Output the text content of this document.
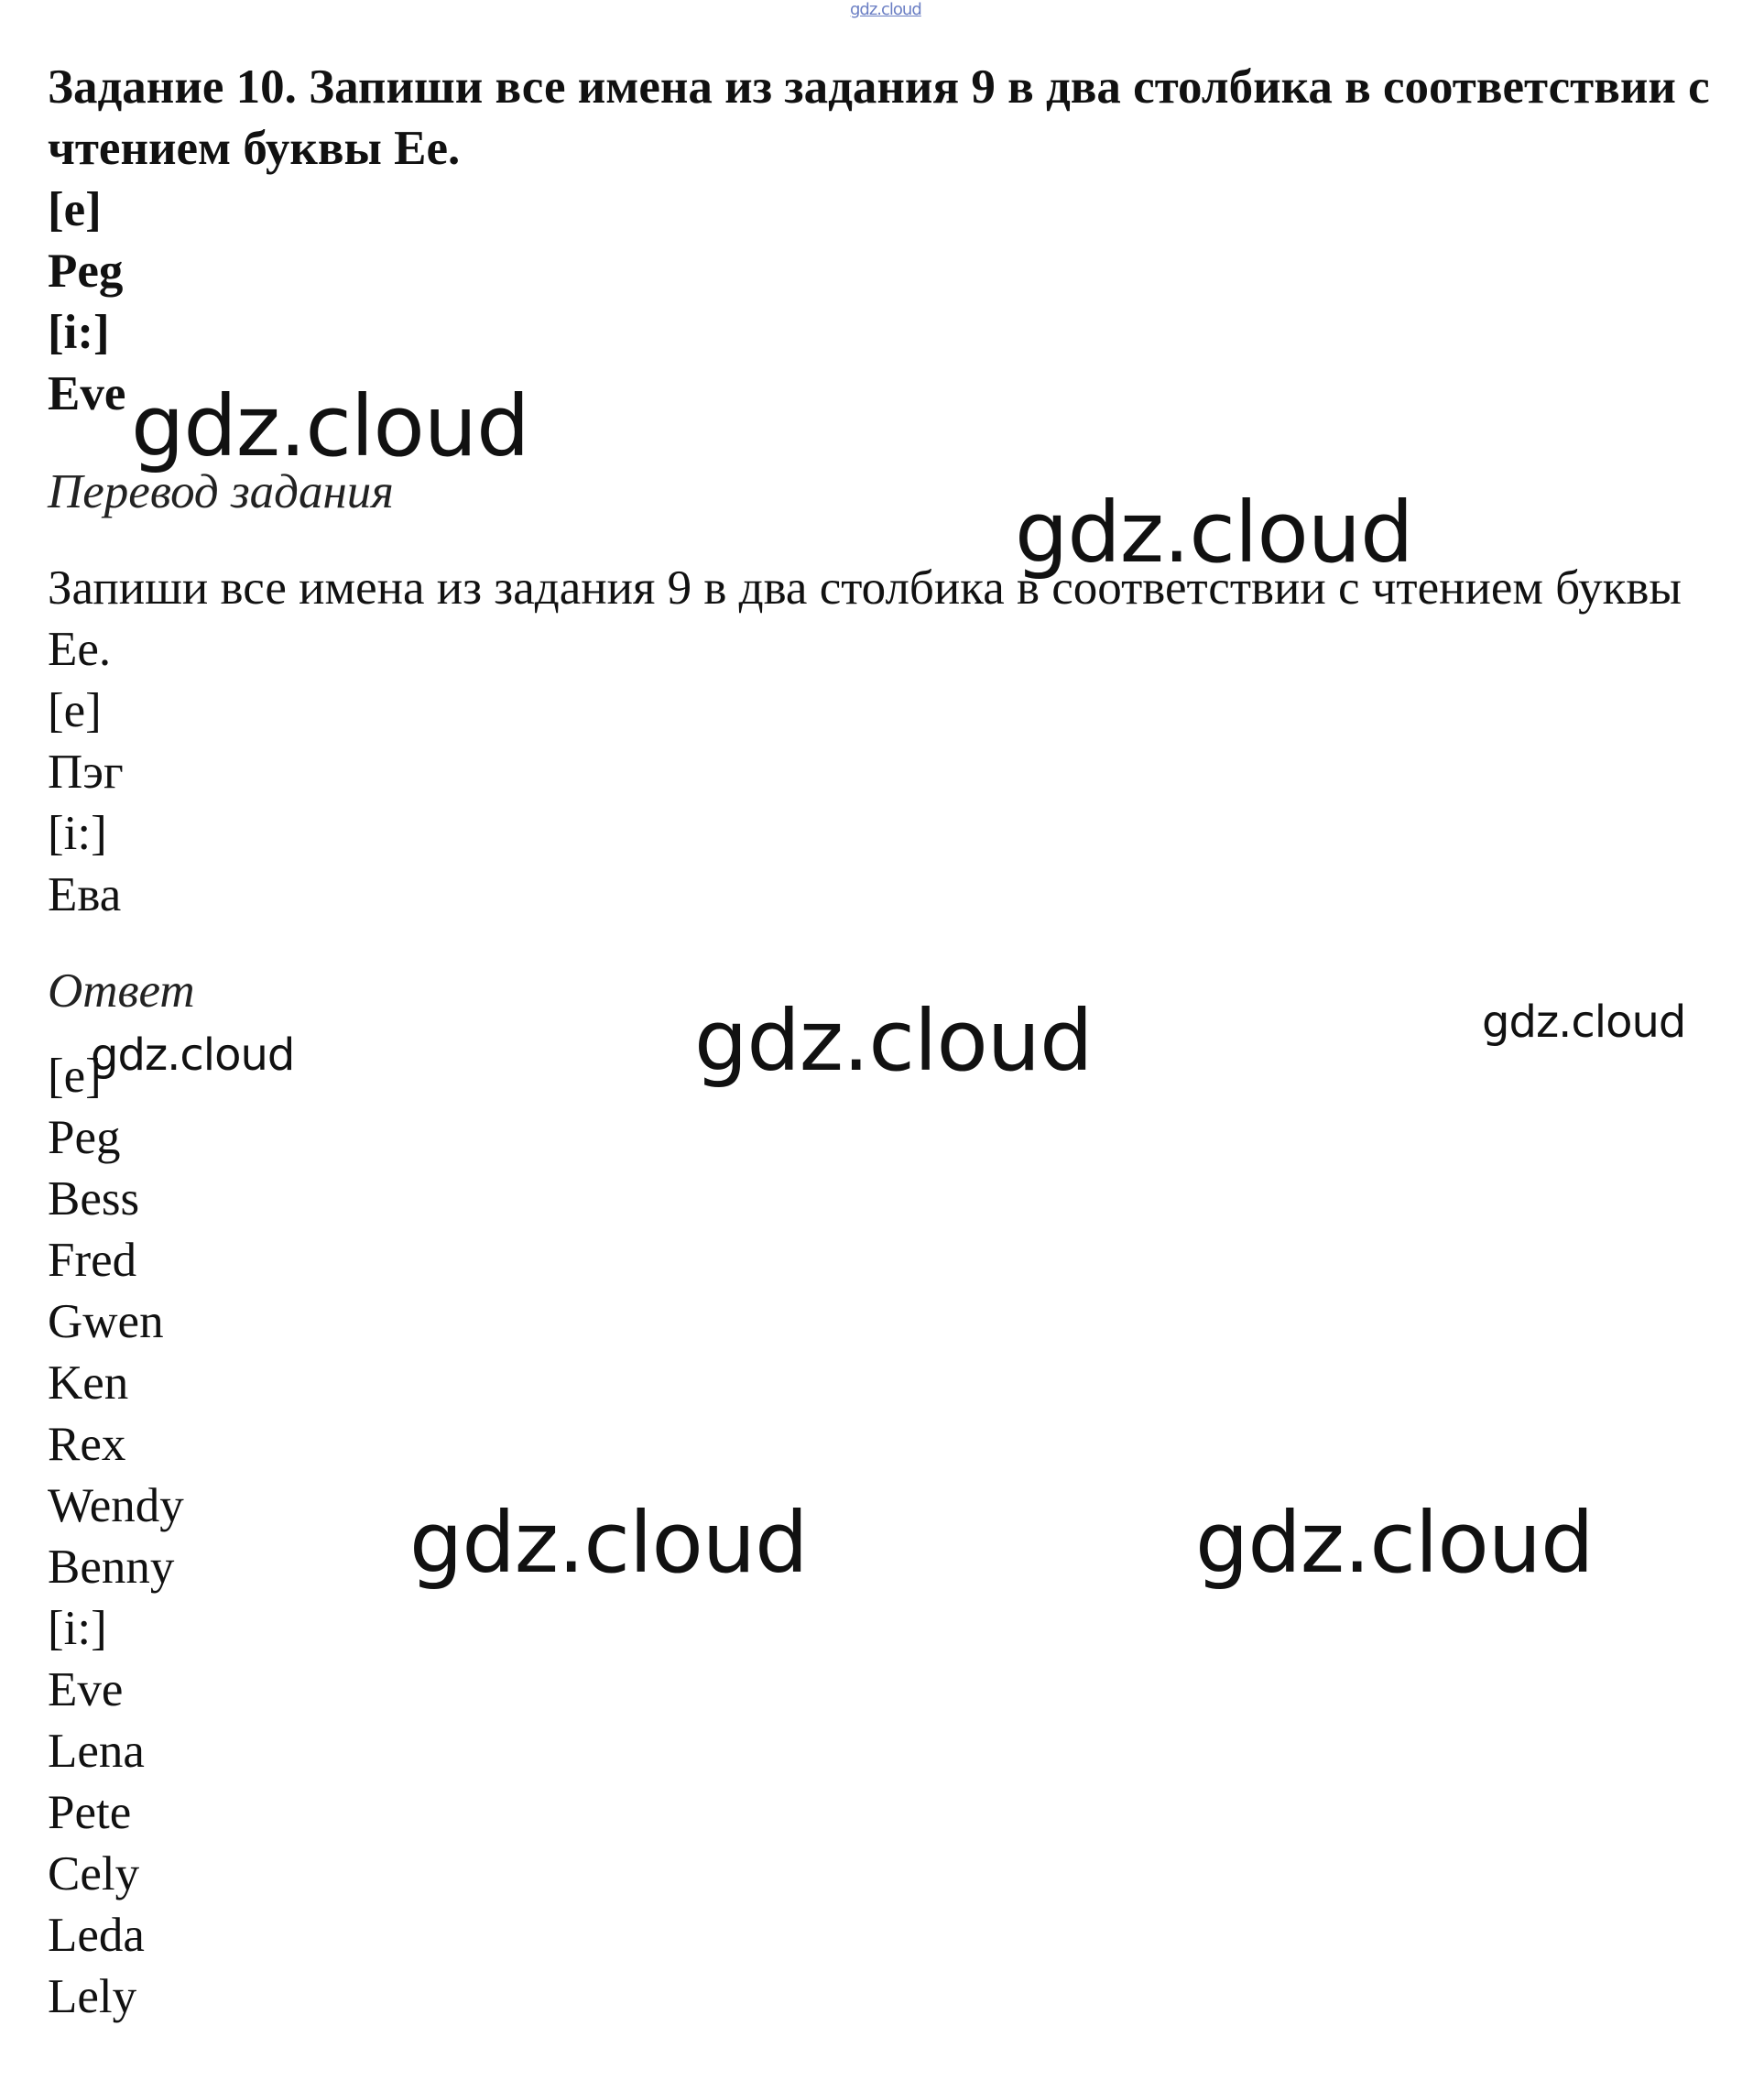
gdz.cloud

Задание 10. Запиши все имена из задания 9 в два столбика в соответствии с чтением буквы Ee.

[e]

Peg

[i:]

Eve

Перевод задания

Запиши все имена из задания 9 в два столбика в соответствии с чтением буквы Ее.

[e]

Пэг

[i:]

Ева

Ответ

[e]

Peg

Bess

Fred

Gwen

Ken

Rex

Wendy

Benny

[i:]

Eve

Lena

Pete

Cely

Leda

Lely

gdz.cloud
gdz.cloud
gdz.cloud
gdz.cloud
gdz.cloud
gdz.cloud	gdz.cloud
